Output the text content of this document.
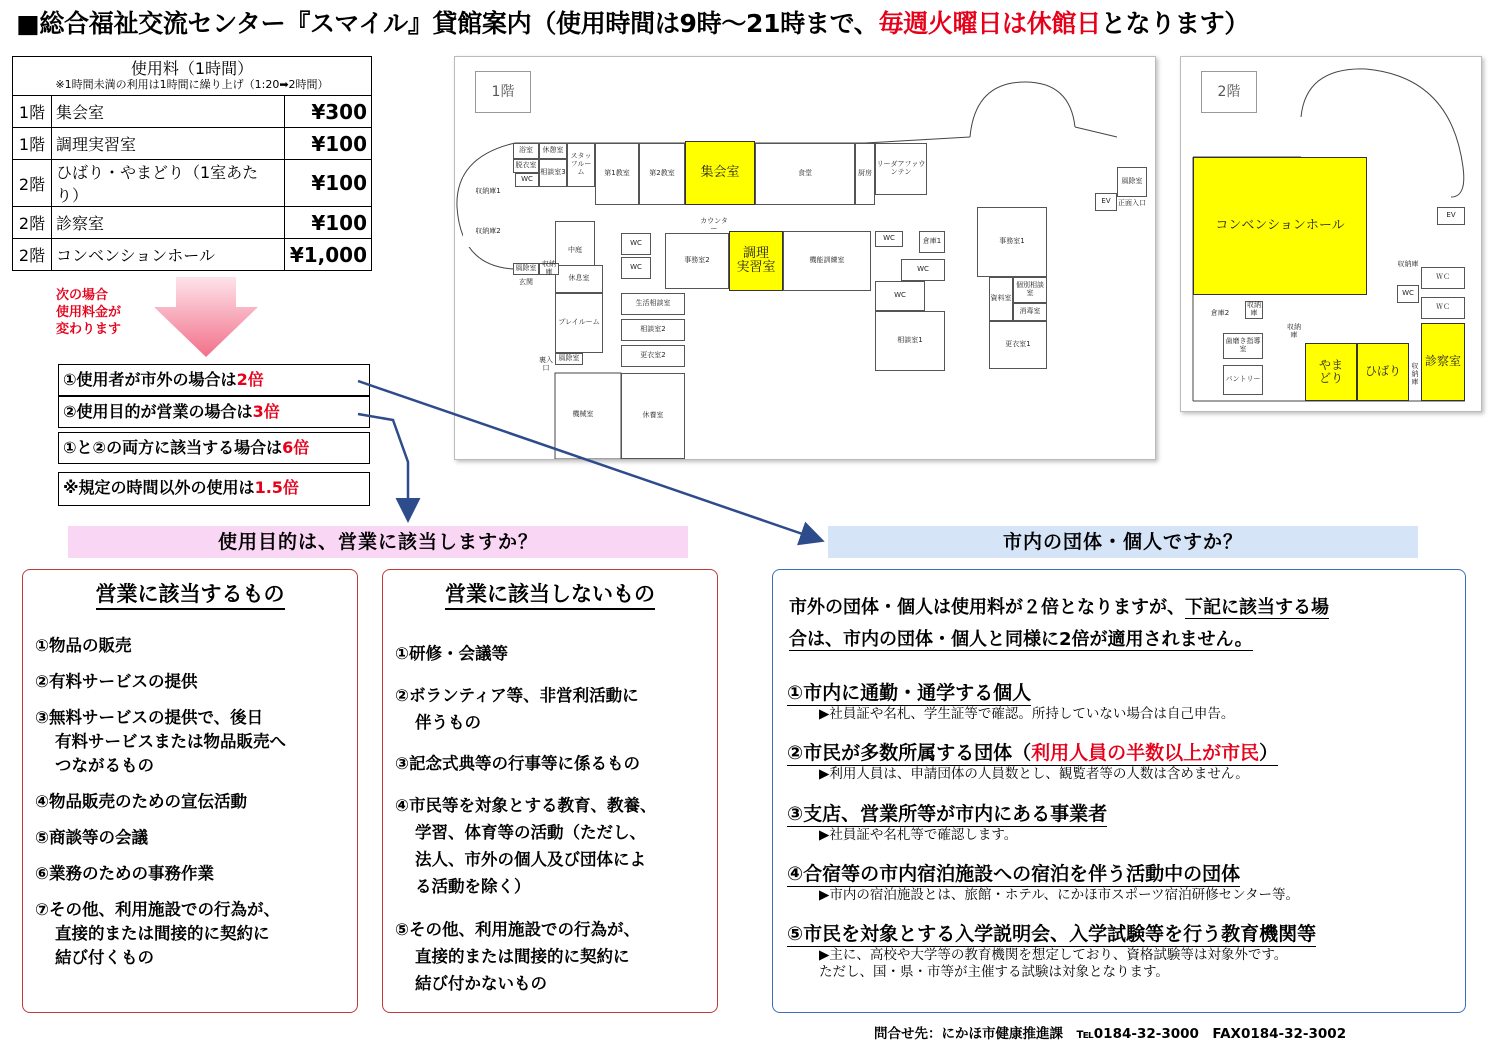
■総合福祉交流センター『スマイル』貸館案内（使用時間は9時～21時まで、毎週火曜日は休館日となります）
使用料（1時間）
※1時間未満の利用は1時間に繰り上げ（1:20➡2時間）		

1階	集会室	¥300
1階	調理実習室	¥100
2階	ひばり・やまどり（1室あたり）	¥100
2階	診察室	¥100
2階	コンベンションホール	¥1,000
次の場合
使用料金が
変わります
①使用者が市外の場合は2倍
②使用目的が営業の場合は3倍
①と②の両方に該当する場合は6倍
※規定の時間以外の使用は1.5倍
1階
浴室	休憩室
スタッフルーム
相談室3
WC
脱衣室
第1教室	第2教室	集会室	食堂	厨房
リーダアファウンテン
風除室
EV	正面入口
収納庫1
収納庫2
中庭
休息室
プレイルーム
WC
WC
カウンター
事務室2	調理
実習室	機能訓練室
WC	倉庫1
WC
WC
事務室1
資料室
個別相談室
消毒室
相談室1	更衣室1
生活相談室
相談室2
更衣室2
機械室	休養室
風除室 収納庫
玄関
裏入口
風除室
2階
コンベンションホール
EV
収納庫
WC
ＷＣ
ＷＣ
倉庫2
収納庫
歯磨き指導室
パントリー
やま
どり	ひばり	収納庫
診察室
収納庫
使用目的は、営業に該当しますか？	市内の団体・個人ですか？
営業に該当するもの
①物品の販売
②有料サービスの提供
③無料サービスの提供で、後日
有料サービスまたは物品販売へ
つながるもの
④物品販売のための宣伝活動
⑤商談等の会議
⑥業務のための事務作業
⑦その他、利用施設での行為が、
直接的または間接的に契約に
結び付くもの
営業に該当しないもの
①研修・会議等
②ボランティア等、非営利活動に
伴うもの
③記念式典等の行事等に係るもの
④市民等を対象とする教育、教養、
学習、体育等の活動（ただし、
法人、市外の個人及び団体によ
る活動を除く）
⑤その他、利用施設での行為が、
直接的または間接的に契約に
結び付かないもの
市外の団体・個人は使用料が２倍となりますが、下記に該当する場
合は、市内の団体・個人と同様に2倍が適用されません。
①市内に通勤・通学する個人
▶社員証や名札、学生証等で確認。所持していない場合は自己申告。
②市民が多数所属する団体（利用人員の半数以上が市民）
▶利用人員は、申請団体の人員数とし、観覧者等の人数は含めません。
③支店、営業所等が市内にある事業者
▶社員証や名札等で確認します。
④合宿等の市内宿泊施設への宿泊を伴う活動中の団体
▶市内の宿泊施設とは、旅館・ホテル、にかほ市スポーツ宿泊研修センター等。
⑤市民を対象とする入学説明会、入学試験等を行う教育機関等
▶主に、高校や大学等の教育機関を想定しており、資格試験等は対象外です。
ただし、国・県・市等が主催する試験は対象となります。
問合せ先：にかほ市健康推進課　℡0184-32-3000　FAX0184-32-3002
